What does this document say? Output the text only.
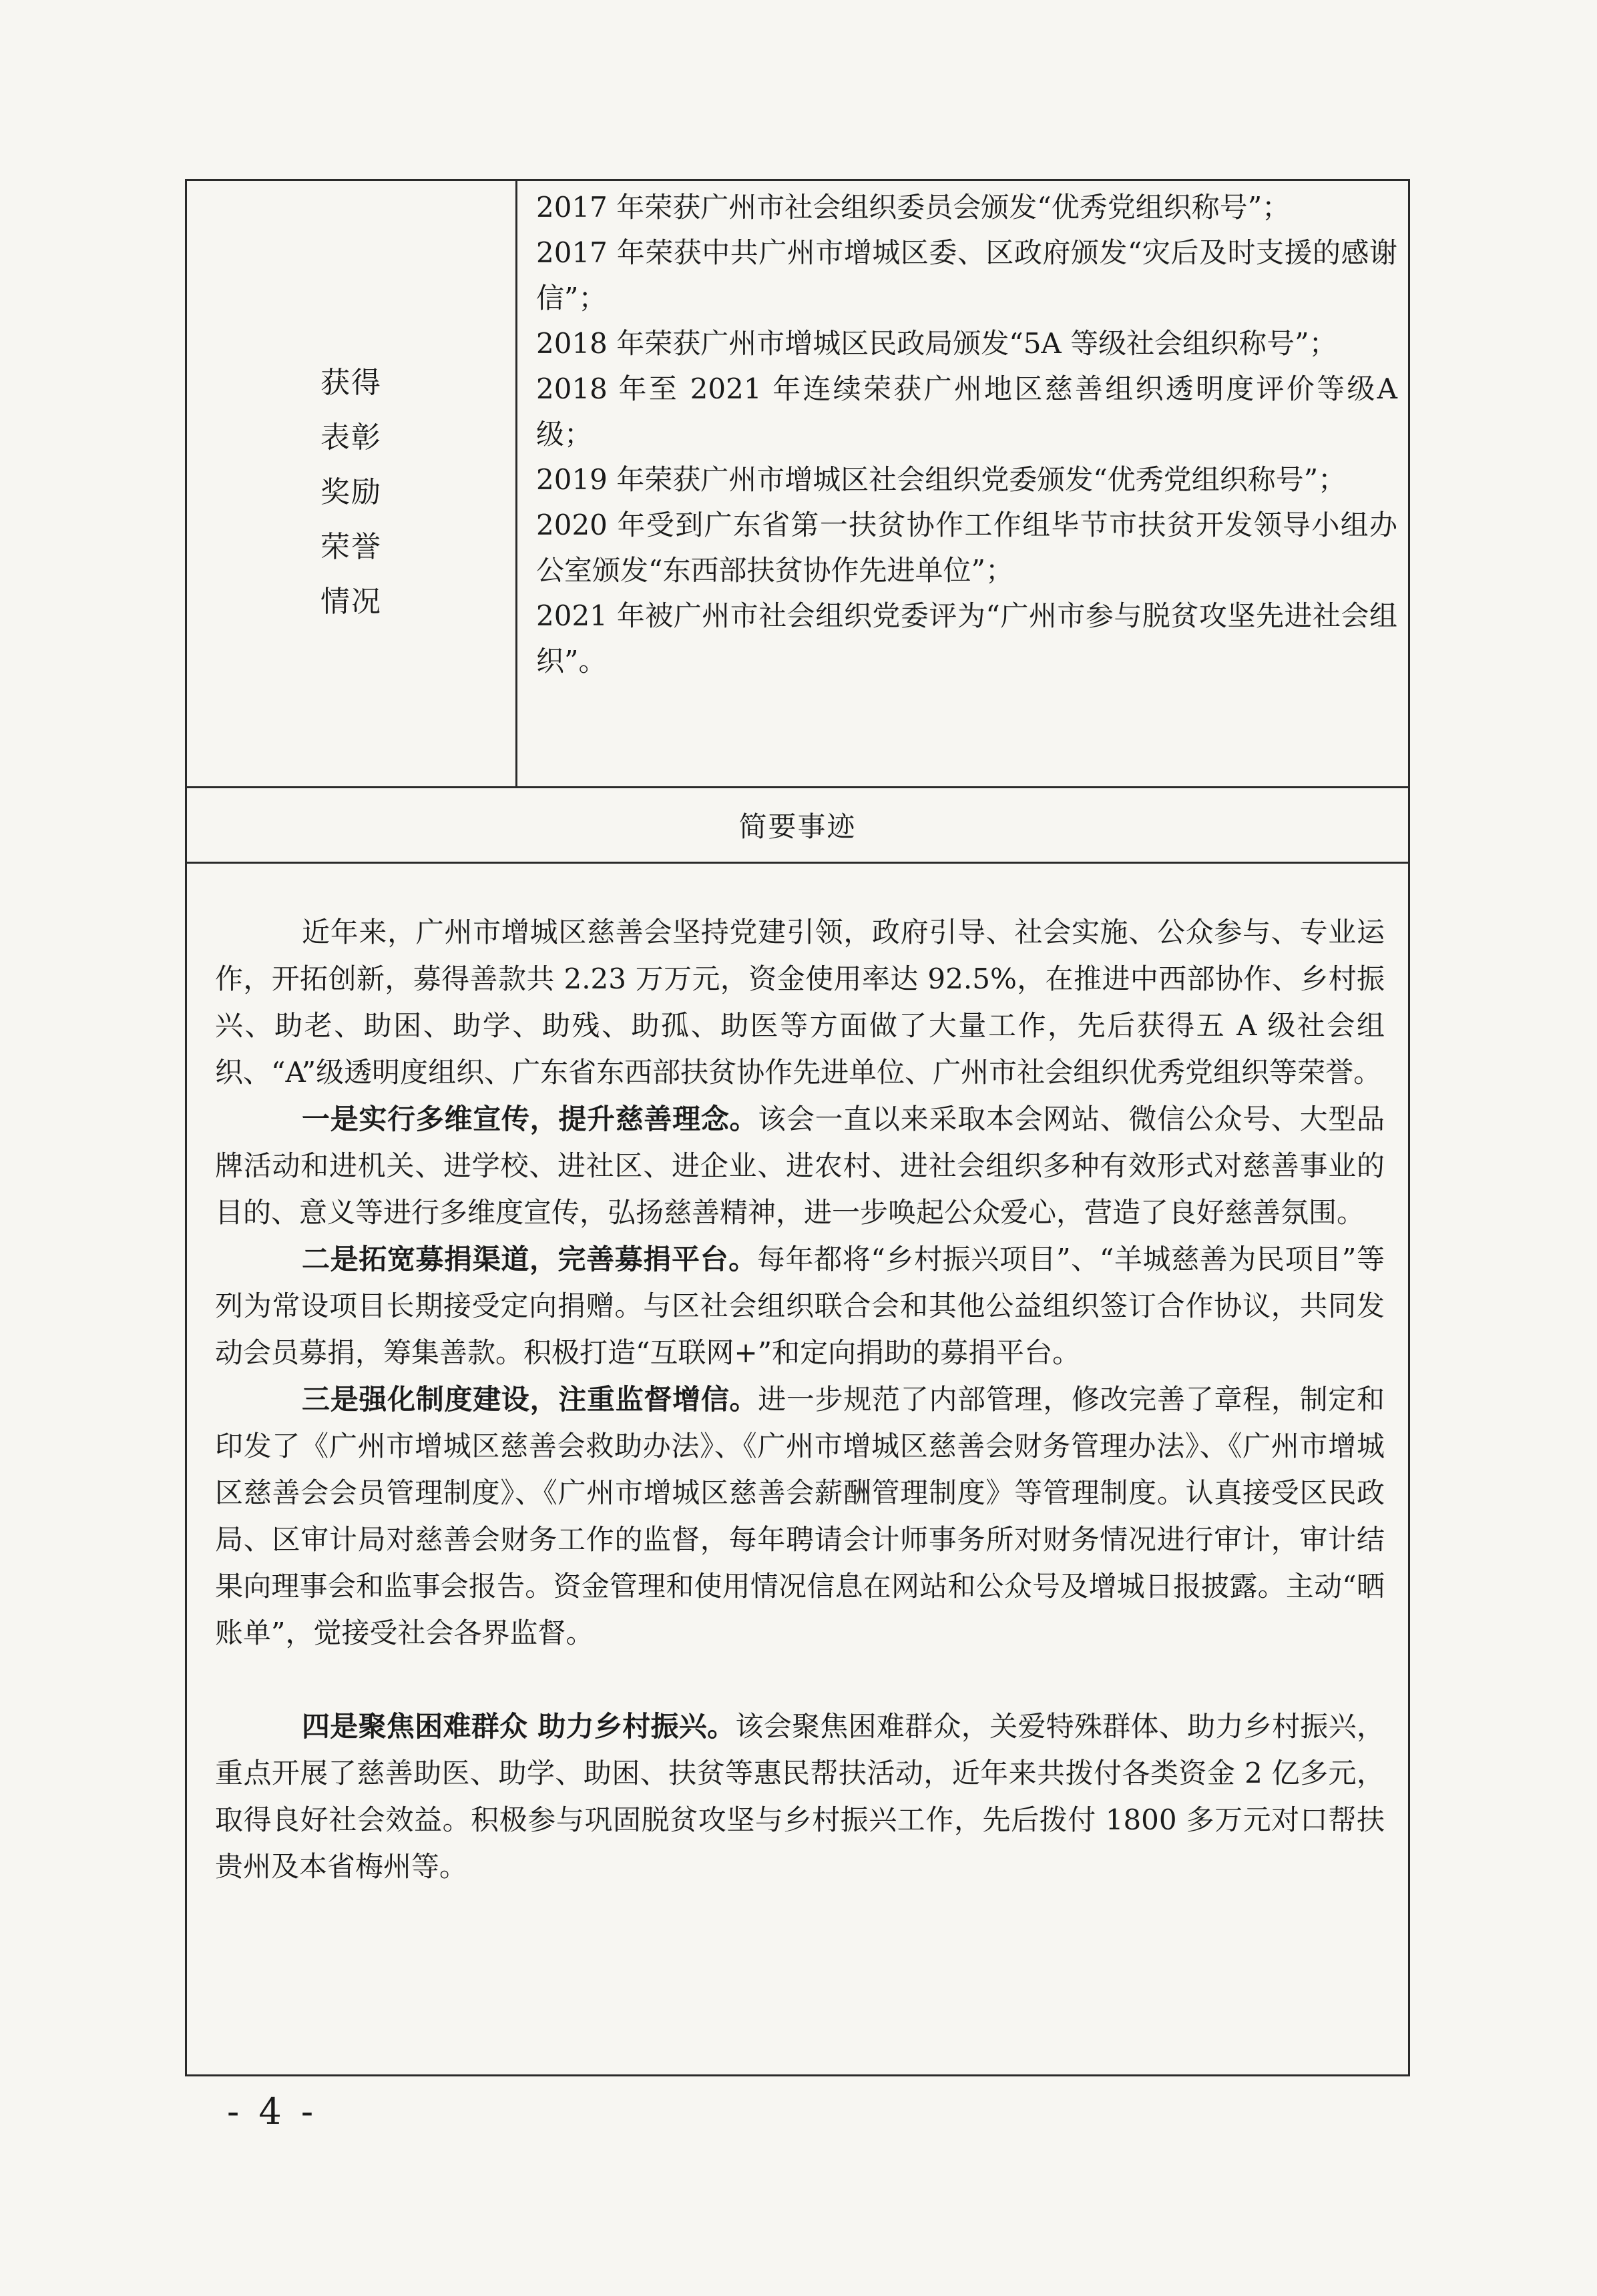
获得
表彰
奖励
荣誉
情况

2017 年荣获广州市社会组织委员会颁发“优秀党组织称号”；

2017 年荣获中共广州市增城区委、区政府颁发“灾后及时支援的感谢信”；

2018 年荣获广州市增城区民政局颁发“5A 等级社会组织称号”；

2018 年至 2021 年连续荣获广州地区慈善组织透明度评价等级A 级；

2019 年荣获广州市增城区社会组织党委颁发“优秀党组织称号”；

2020 年受到广东省第一扶贫协作工作组毕节市扶贫开发领导小组办公室颁发“东西部扶贫协作先进单位”；

2021 年被广州市社会组织党委评为“广州市参与脱贫攻坚先进社会组织”。

简要事迹

近年来，广州市增城区慈善会坚持党建引领，政府引导、社会实施、公众参与、专业运作，开拓创新，募得善款共 2.23 万万元，资金使用率达 92.5%，在推进中西部协作、乡村振兴、助老、助困、助学、助残、助孤、助医等方面做了大量工作，先后获得五 A 级社会组织、“A”级透明度组织、广东省东西部扶贫协作先进单位、广州市社会组织优秀党组织等荣誉。

一是实行多维宣传，提升慈善理念。该会一直以来采取本会网站、微信公众号、大型品牌活动和进机关、进学校、进社区、进企业、进农村、进社会组织多种有效形式对慈善事业的目的、意义等进行多维度宣传，弘扬慈善精神，进一步唤起公众爱心，营造了良好慈善氛围。

二是拓宽募捐渠道，完善募捐平台。每年都将“乡村振兴项目”、“羊城慈善为民项目”等列为常设项目长期接受定向捐赠。与区社会组织联合会和其他公益组织签订合作协议，共同发动会员募捐，筹集善款。积极打造“互联网+”和定向捐助的募捐平台。

三是强化制度建设，注重监督增信。进一步规范了内部管理，修改完善了章程，制定和印发了《广州市增城区慈善会救助办法》、《广州市增城区慈善会财务管理办法》、《广州市增城区慈善会会员管理制度》、《广州市增城区慈善会薪酬管理制度》等管理制度。认真接受区民政局、区审计局对慈善会财务工作的监督，每年聘请会计师事务所对财务情况进行审计，审计结果向理事会和监事会报告。资金管理和使用情况信息在网站和公众号及增城日报披露。主动“晒账单”，觉接受社会各界监督。

四是聚焦困难群众 助力乡村振兴。该会聚焦困难群众，关爱特殊群体、助力乡村振兴，重点开展了慈善助医、助学、助困、扶贫等惠民帮扶活动，近年来共拨付各类资金 2 亿多元，取得良好社会效益。积极参与巩固脱贫攻坚与乡村振兴工作，先后拨付 1800 多万元对口帮扶贵州及本省梅州等。

- 4 -
